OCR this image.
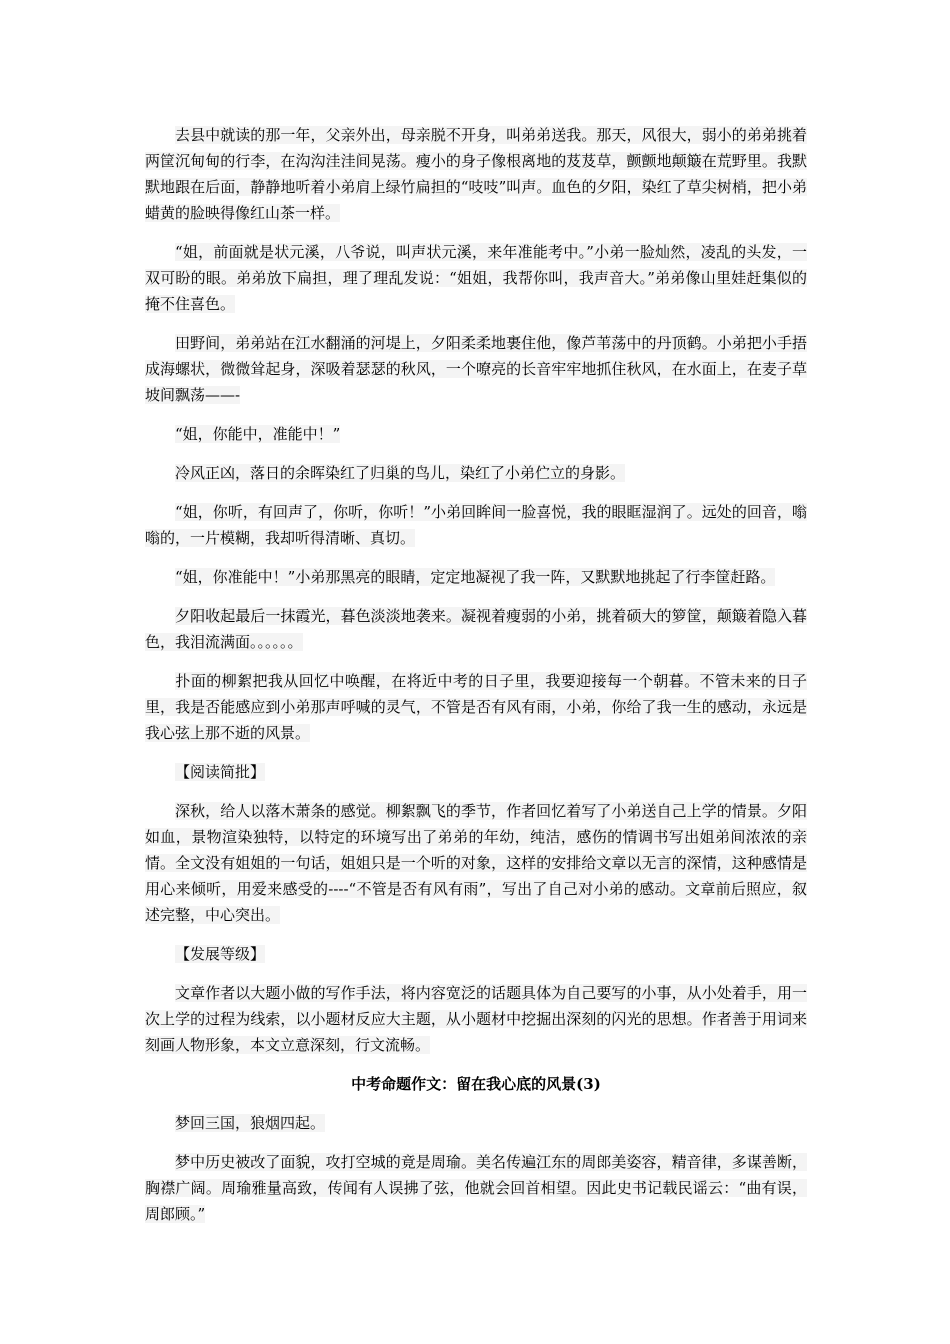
去县中就读的那一年，父亲外出，母亲脱不开身，叫弟弟送我。那天，风很大，弱小的弟弟挑着两筐沉甸甸的行李，在沟沟洼洼间晃荡。瘦小的身子像根离地的芨芨草，颤颤地颠簸在荒野里。我默默地跟在后面，静静地听着小弟肩上绿竹扁担的“吱吱”叫声。血色的夕阳，染红了草尖树梢，把小弟蜡黄的脸映得像红山茶一样。

“姐，前面就是状元溪，八爷说，叫声状元溪，来年准能考中。”小弟一脸灿然，凌乱的头发，一双可盼的眼。弟弟放下扁担，理了理乱发说：“姐姐，我帮你叫，我声音大。”弟弟像山里娃赶集似的掩不住喜色。

田野间，弟弟站在江水翻涌的河堤上，夕阳柔柔地裹住他，像芦苇荡中的丹顶鹤。小弟把小手捂成海螺状，微微耸起身，深吸着瑟瑟的秋风，一个嘹亮的长音牢牢地抓住秋风，在水面上，在麦子草坡间飘荡——-

“姐，你能中，准能中！”

冷风正凶，落日的余晖染红了归巢的鸟儿，染红了小弟伫立的身影。

“姐，你听，有回声了，你听，你听！”小弟回眸间一脸喜悦，我的眼眶湿润了。远处的回音，嗡嗡的，一片模糊，我却听得清晰、真切。

“姐，你准能中！”小弟那黑亮的眼睛，定定地凝视了我一阵，又默默地挑起了行李筐赶路。

夕阳收起最后一抹霞光，暮色淡淡地袭来。凝视着瘦弱的小弟，挑着硕大的箩筐，颠簸着隐入暮色，我泪流满面。。。。。。

扑面的柳絮把我从回忆中唤醒，在将近中考的日子里，我要迎接每一个朝暮。不管未来的日子里，我是否能感应到小弟那声呼喊的灵气，不管是否有风有雨，小弟，你给了我一生的感动，永远是我心弦上那不逝的风景。

【阅读简批】

深秋，给人以落木萧条的感觉。柳絮飘飞的季节，作者回忆着写了小弟送自己上学的情景。夕阳如血，景物渲染独特，以特定的环境写出了弟弟的年幼，纯洁，感伤的情调书写出姐弟间浓浓的亲情。全文没有姐姐的一句话，姐姐只是一个听的对象，这样的安排给文章以无言的深情，这种感情是用心来倾听，用爱来感受的----“不管是否有风有雨”，写出了自己对小弟的感动。文章前后照应，叙述完整，中心突出。

【发展等级】

文章作者以大题小做的写作手法，将内容宽泛的话题具体为自己要写的小事，从小处着手，用一次上学的过程为线索，以小题材反应大主题，从小题材中挖掘出深刻的闪光的思想。作者善于用词来刻画人物形象，本文立意深刻，行文流畅。

中考命题作文：留在我心底的风景(3)

梦回三国，狼烟四起。

梦中历史被改了面貌，攻打空城的竟是周瑜。美名传遍江东的周郎美姿容，精音律，多谋善断，胸襟广阔。周瑜雅量高致，传闻有人误拂了弦，他就会回首相望。因此史书记载民谣云：“曲有误，周郎顾。”
